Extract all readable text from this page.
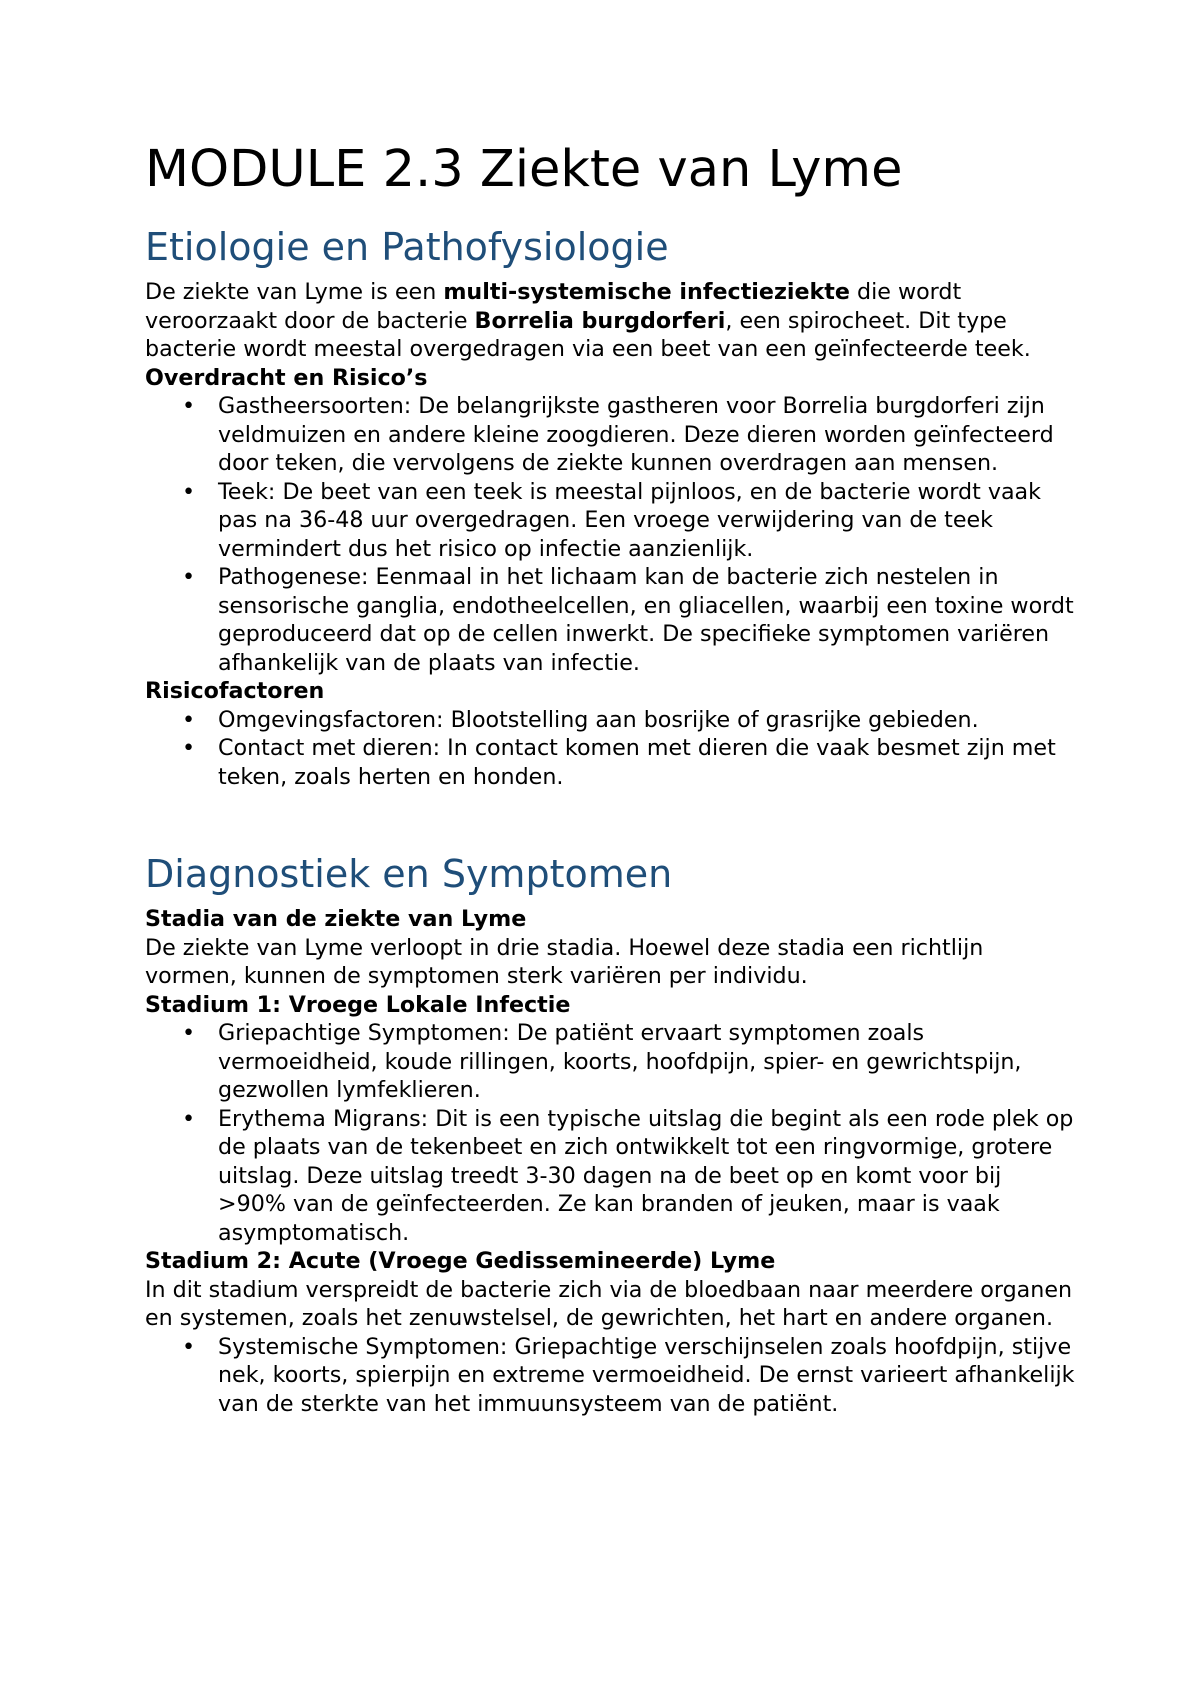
MODULE 2.3 Ziekte van Lyme
Etiologie en Pathofysiologie

De ziekte van Lyme is een multi-systemische infectieziekte die wordt veroorzaakt door de bacterie Borrelia burgdorferi, een spirocheet. Dit type bacterie wordt meestal overgedragen via een beet van een geïnfecteerde teek.

Overdracht en Risico’s
• Gastheersoorten: De belangrijkste gastheren voor Borrelia burgdorferi zijn veldmuizen en andere kleine zoogdieren. Deze dieren worden geïnfecteerd door teken, die vervolgens de ziekte kunnen overdragen aan mensen.
• Teek: De beet van een teek is meestal pijnloos, en de bacterie wordt vaak pas na 36-48 uur overgedragen. Een vroege verwijdering van de teek vermindert dus het risico op infectie aanzienlijk.
• Pathogenese: Eenmaal in het lichaam kan de bacterie zich nestelen in sensorische ganglia, endotheelcellen, en gliacellen, waarbij een toxine wordt geproduceerd dat op de cellen inwerkt. De specifieke symptomen variëren afhankelijk van de plaats van infectie.
Risicofactoren
• Omgevingsfactoren: Blootstelling aan bosrijke of grasrijke gebieden.
• Contact met dieren: In contact komen met dieren die vaak besmet zijn met teken, zoals herten en honden.
Diagnostiek en Symptomen
Stadia van de ziekte van Lyme

De ziekte van Lyme verloopt in drie stadia. Hoewel deze stadia een richtlijn vormen, kunnen de symptomen sterk variëren per individu.

Stadium 1: Vroege Lokale Infectie
• Griepachtige Symptomen: De patiënt ervaart symptomen zoals vermoeidheid, koude rillingen, koorts, hoofdpijn, spier- en gewrichtspijn, gezwollen lymfeklieren.
• Erythema Migrans: Dit is een typische uitslag die begint als een rode plek op de plaats van de tekenbeet en zich ontwikkelt tot een ringvormige, grotere uitslag. Deze uitslag treedt 3-30 dagen na de beet op en komt voor bij >90% van de geïnfecteerden. Ze kan branden of jeuken, maar is vaak asymptomatisch.
Stadium 2: Acute (Vroege Gedissemineerde) Lyme

In dit stadium verspreidt de bacterie zich via de bloedbaan naar meerdere organen en systemen, zoals het zenuwstelsel, de gewrichten, het hart en andere organen.

• Systemische Symptomen: Griepachtige verschijnselen zoals hoofdpijn, stijve nek, koorts, spierpijn en extreme vermoeidheid. De ernst varieert afhankelijk van de sterkte van het immuunsysteem van de patiënt.
